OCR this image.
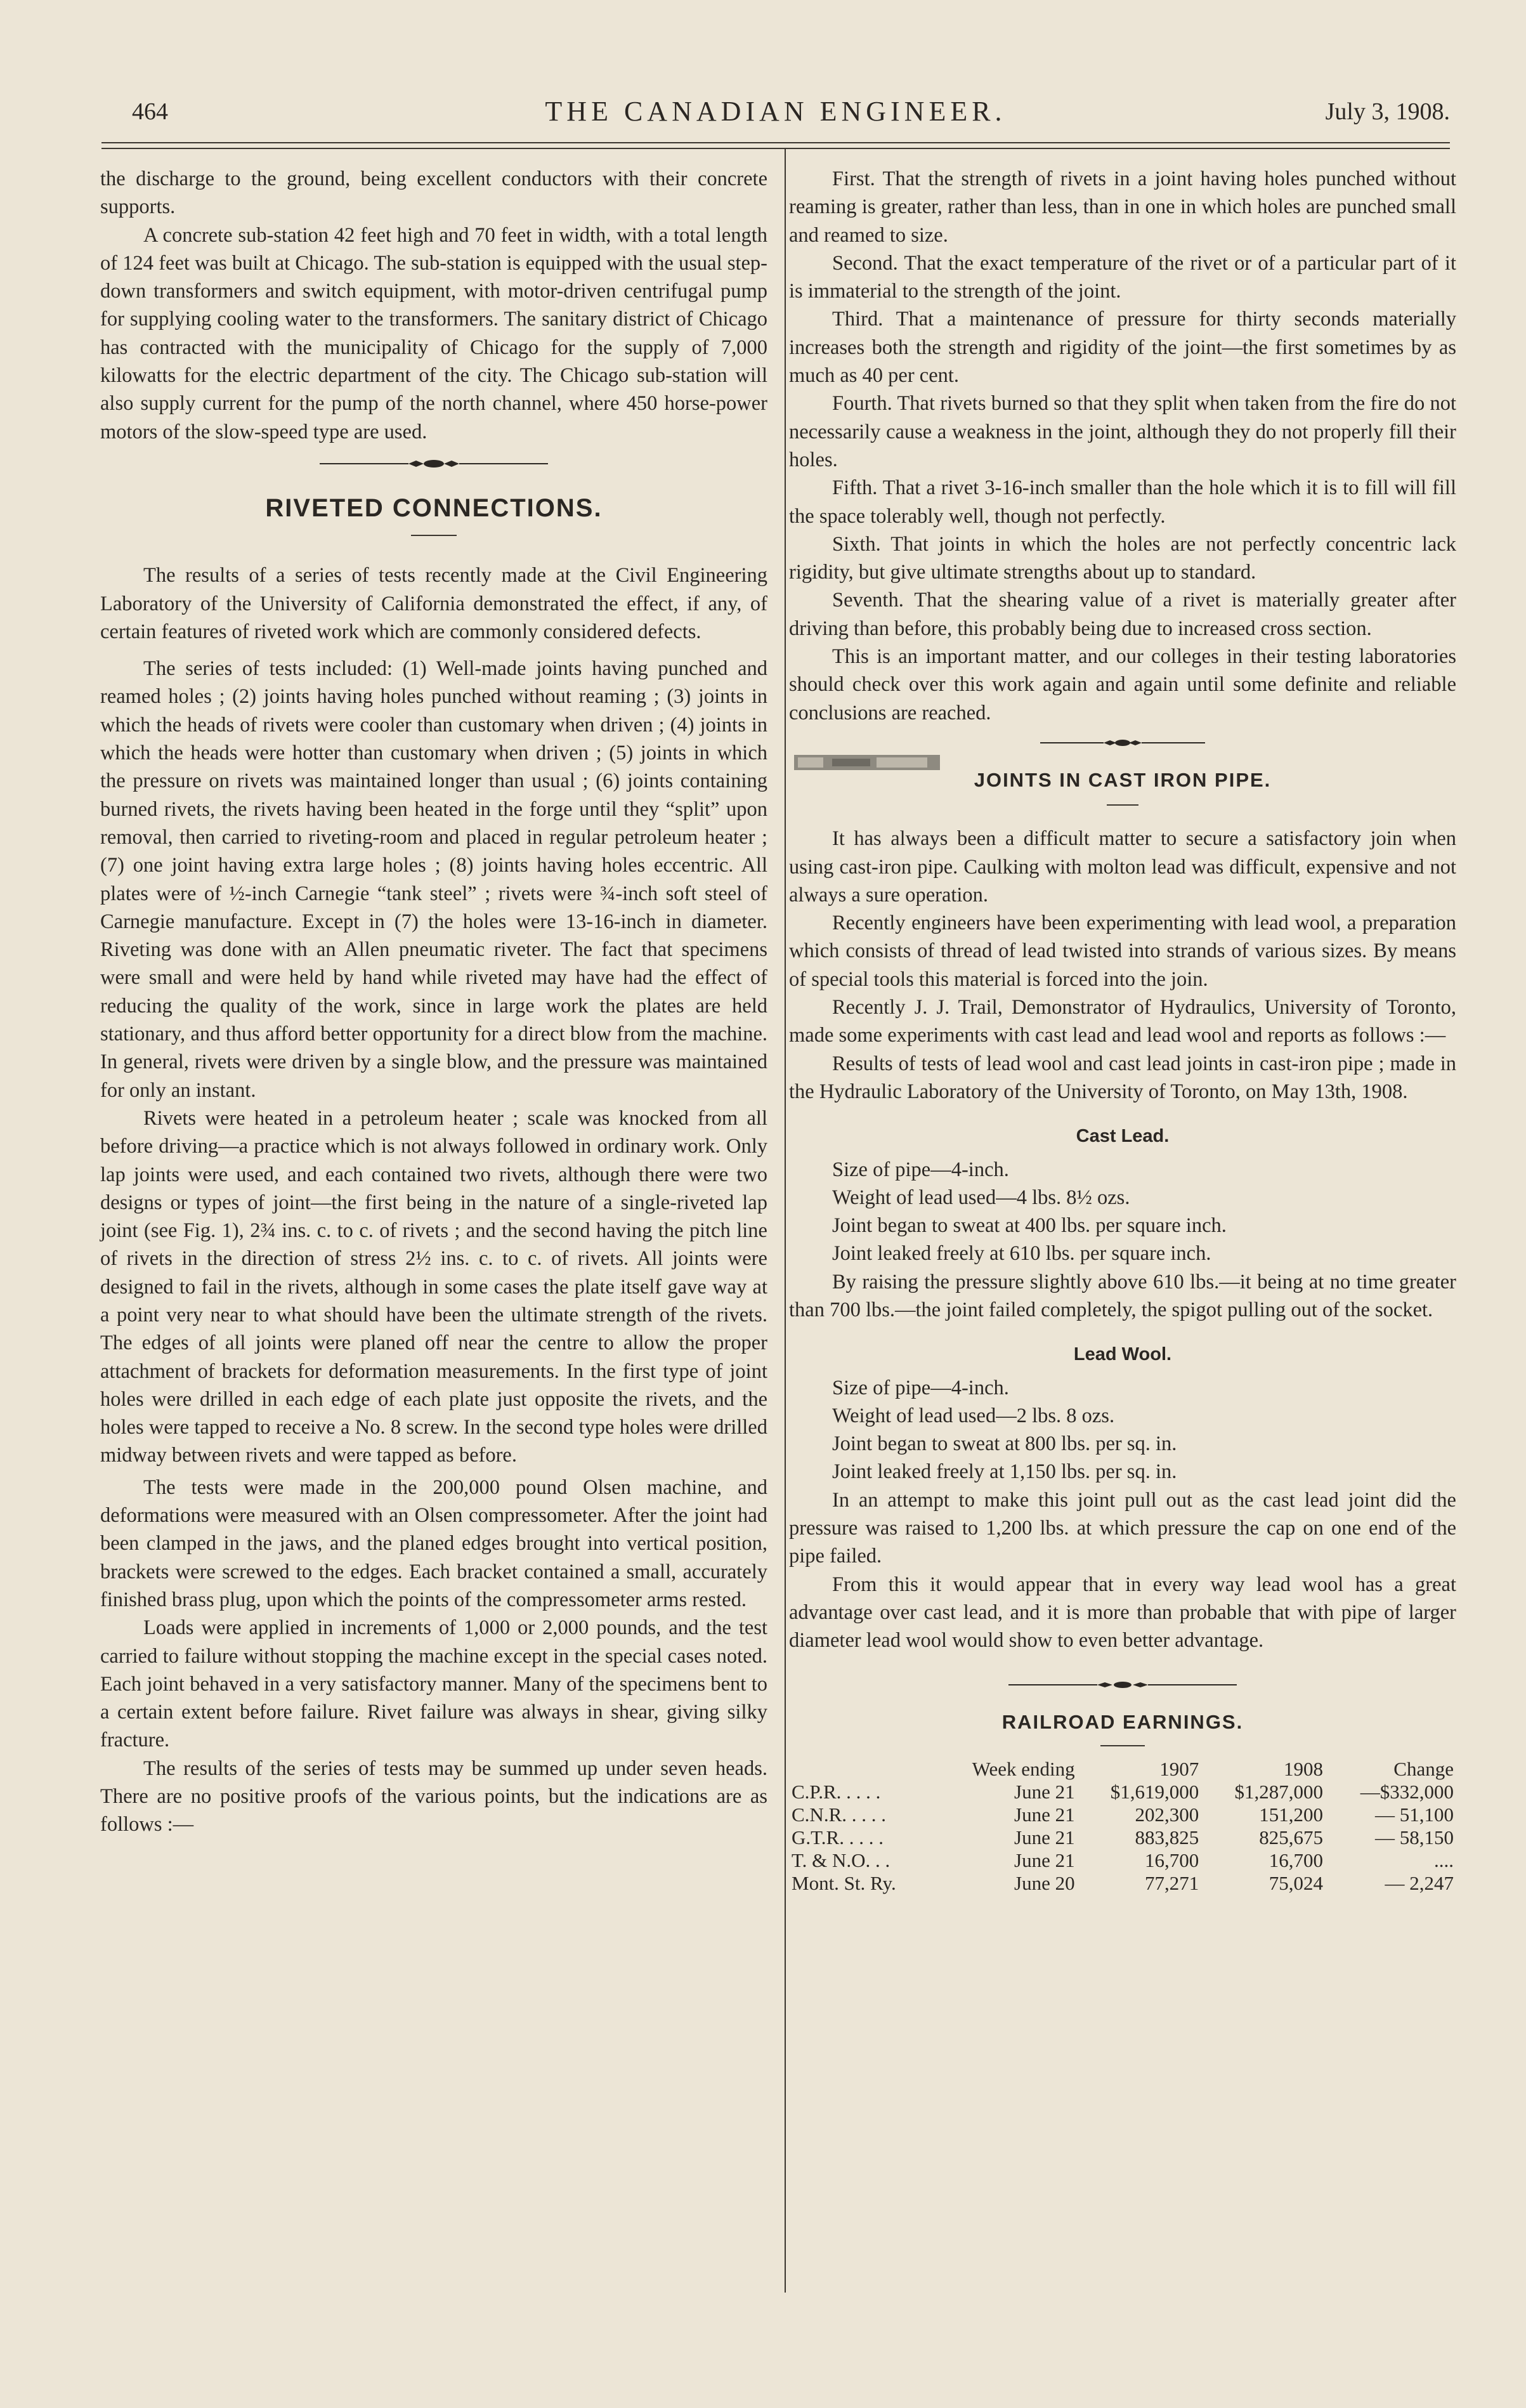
464	THE CANADIAN ENGINEER.	July 3, 1908.

the discharge to the ground, being excellent conductors with their concrete supports.

A concrete sub-station 42 feet high and 70 feet in width, with a total length of 124 feet was built at Chicago. The sub-station is equipped with the usual step-down transformers and switch equipment, with motor-driven centrifugal pump for supplying cooling water to the transformers. The sanitary district of Chicago has contracted with the municipality of Chicago for the supply of 7,000 kilowatts for the electric department of the city. The Chicago sub-station will also supply current for the pump of the north channel, where 450 horse-power motors of the slow-speed type are used.

RIVETED CONNECTIONS.

The results of a series of tests recently made at the Civil Engineering Laboratory of the University of California demonstrated the effect, if any, of certain features of riveted work which are commonly considered defects.

The series of tests included: (1) Well-made joints having punched and reamed holes ; (2) joints having holes punched without reaming ; (3) joints in which the heads of rivets were cooler than customary when driven ; (4) joints in which the heads were hotter than customary when driven ; (5) joints in which the pressure on rivets was maintained longer than usual ; (6) joints containing burned rivets, the rivets having been heated in the forge until they “split” upon removal, then carried to riveting-room and placed in regular petroleum heater ; (7) one joint having extra large holes ; (8) joints having holes eccentric. All plates were of ½-inch Carnegie “tank steel” ; rivets were ¾-inch soft steel of Carnegie manufacture. Except in (7) the holes were 13-16-inch in diameter. Riveting was done with an Allen pneumatic riveter. The fact that specimens were small and were held by hand while riveted may have had the effect of reducing the quality of the work, since in large work the plates are held stationary, and thus afford better opportunity for a direct blow from the machine. In general, rivets were driven by a single blow, and the pressure was maintained for only an instant.

Rivets were heated in a petroleum heater ; scale was knocked from all before driving—a practice which is not always followed in ordinary work. Only lap joints were used, and each contained two rivets, although there were two designs or types of joint—the first being in the nature of a single-riveted lap joint (see Fig. 1), 2¾ ins. c. to c. of rivets ; and the second having the pitch line of rivets in the direction of stress 2½ ins. c. to c. of rivets. All joints were designed to fail in the rivets, although in some cases the plate itself gave way at a point very near to what should have been the ultimate strength of the rivets. The edges of all joints were planed off near the centre to allow the proper attachment of brackets for deformation measurements. In the first type of joint holes were drilled in each edge of each plate just opposite the rivets, and the holes were tapped to receive a No. 8 screw. In the second type holes were drilled midway between rivets and were tapped as before.

The tests were made in the 200,000 pound Olsen machine, and deformations were measured with an Olsen compressometer. After the joint had been clamped in the jaws, and the planed edges brought into vertical position, brackets were screwed to the edges. Each bracket contained a small, accurately finished brass plug, upon which the points of the compressometer arms rested.

Loads were applied in increments of 1,000 or 2,000 pounds, and the test carried to failure without stopping the machine except in the special cases noted. Each joint behaved in a very satisfactory manner. Many of the specimens bent to a certain extent before failure. Rivet failure was always in shear, giving silky fracture.

The results of the series of tests may be summed up under seven heads. There are no positive proofs of the various points, but the indications are as follows :—

First. That the strength of rivets in a joint having holes punched without reaming is greater, rather than less, than in one in which holes are punched small and reamed to size.

Second. That the exact temperature of the rivet or of a particular part of it is immaterial to the strength of the joint.

Third. That a maintenance of pressure for thirty seconds materially increases both the strength and rigidity of the joint—the first sometimes by as much as 40 per cent.

Fourth. That rivets burned so that they split when taken from the fire do not necessarily cause a weakness in the joint, although they do not properly fill their holes.

Fifth. That a rivet 3-16-inch smaller than the hole which it is to fill will fill the space tolerably well, though not perfectly.

Sixth. That joints in which the holes are not perfectly concentric lack rigidity, but give ultimate strengths about up to standard.

Seventh. That the shearing value of a rivet is materially greater after driving than before, this probably being due to increased cross section.

This is an important matter, and our colleges in their testing laboratories should check over this work again and again until some definite and reliable conclusions are reached.

JOINTS IN CAST IRON PIPE.

It has always been a difficult matter to secure a satisfactory join when using cast-iron pipe. Caulking with molton lead was difficult, expensive and not always a sure operation.

Recently engineers have been experimenting with lead wool, a preparation which consists of thread of lead twisted into strands of various sizes. By means of special tools this material is forced into the join.

Recently J. J. Trail, Demonstrator of Hydraulics, University of Toronto, made some experiments with cast lead and lead wool and reports as follows :—

Results of tests of lead wool and cast lead joints in cast-iron pipe ; made in the Hydraulic Laboratory of the University of Toronto, on May 13th, 1908.

Cast Lead.

Size of pipe—4-inch.

Weight of lead used—4 lbs. 8½ ozs.

Joint began to sweat at 400 lbs. per square inch.

Joint leaked freely at 610 lbs. per square inch.

By raising the pressure slightly above 610 lbs.—it being at no time greater than 700 lbs.—the joint failed completely, the spigot pulling out of the socket.

Lead Wool.

Size of pipe—4-inch.

Weight of lead used—2 lbs. 8 ozs.

Joint began to sweat at 800 lbs. per sq. in.

Joint leaked freely at 1,150 lbs. per sq. in.

In an attempt to make this joint pull out as the cast lead joint did the pressure was raised to 1,200 lbs. at which pressure the cap on one end of the pipe failed.

From this it would appear that in every way lead wool has a great advantage over cast lead, and it is more than probable that with pipe of larger diameter lead wool would show to even better advantage.

RAILROAD EARNINGS.
	Week ending	1907	1908	Change
C.P.R. . . . .	June 21	$1,619,000	$1,287,000	—$332,000
C.N.R. . . . .	June 21	202,300	151,200	— 51,100
G.T.R. . . . .	June 21	883,825	825,675	— 58,150
T. & N.O. . .	June 21	16,700	16,700	....
Mont. St. Ry.	June 20	77,271	75,024	— 2,247
